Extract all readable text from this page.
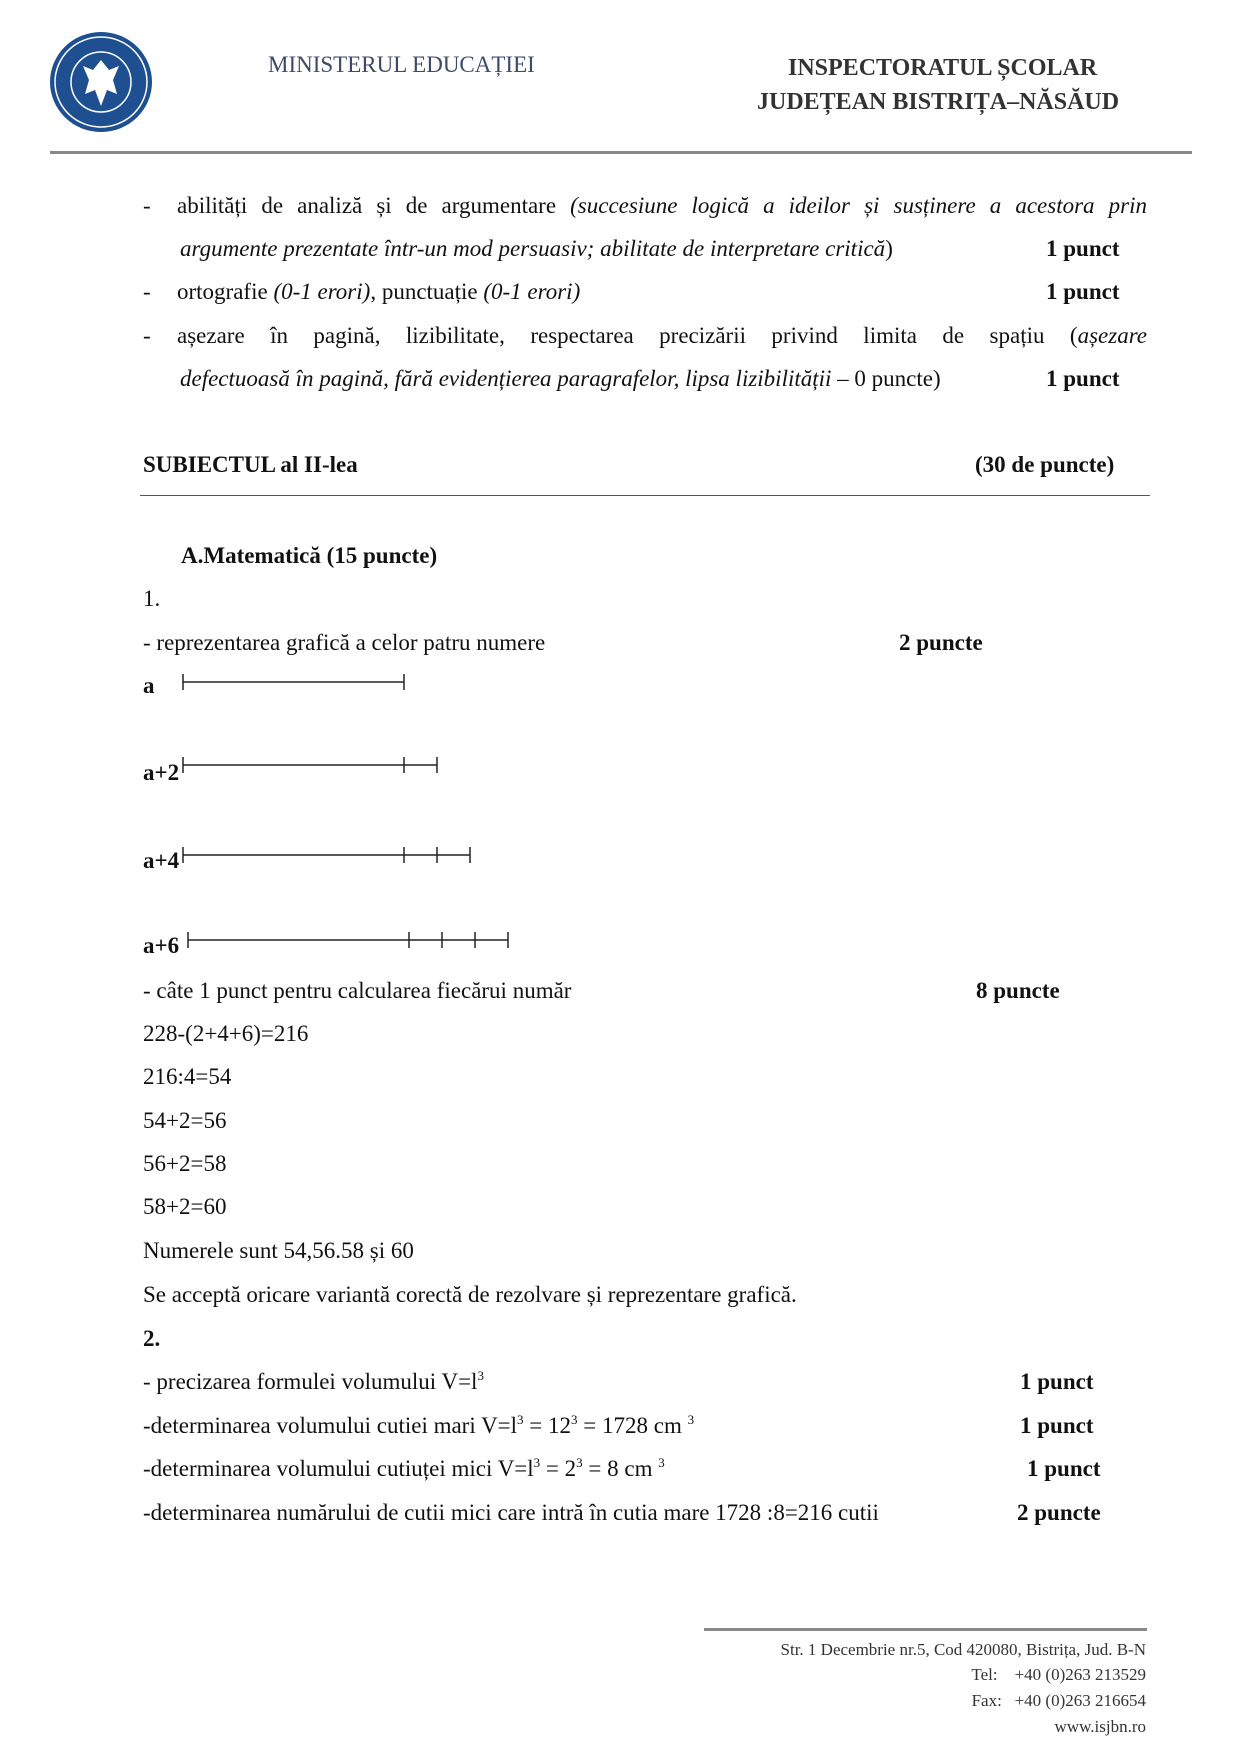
MINISTERUL EDUCAȚIEI	INSPECTORATUL ȘCOLAR
JUDEȚEAN BISTRIȚA–NĂSĂUD
- abilități de analiză și de argumentare (succesiune logică a ideilor și susținere a acestora prin
argumente prezentate într-un mod persuasiv; abilitate de interpretare critică)	1 punct
- ortografie (0-1 erori), punctuație (0-1 erori)	1 punct
- așezare în pagină, lizibilitate, respectarea precizării privind limita de spațiu (așezare
defectuoasă în pagină, fără evidențierea paragrafelor, lipsa lizibilității – 0 puncte)	1 punct
SUBIECTUL al II-lea	(30 de puncte)
A.Matematică (15 puncte)
1.
- reprezentarea grafică a celor patru numere	2 puncte
a
a+2
a+4
a+6
- câte 1 punct pentru calcularea fiecărui număr	8 puncte
228-(2+4+6)=216
216:4=54
54+2=56
56+2=58
58+2=60
Numerele sunt 54,56.58 și 60
Se acceptă oricare variantă corectă de rezolvare și reprezentare grafică.
2.
- precizarea formulei volumului $V=l^3$	1 punct
-determinarea volumului cutiei mari $V=l^3 = 12^3 = 1728$ cm $^3$	1 punct
-determinarea volumului cutiuței mici $V=l^3 = 2^3 = 8$ cm $^3$	1 punct
-determinarea numărului de cutii mici care intră în cutia mare 1728 :8=216 cutii	2 puncte
Str. 1 Decembrie nr.5, Cod 420080, Bistrița, Jud. B-N
Tel: +40 (0)263 213529
Fax: +40 (0)263 216654
www.isjbn.ro
